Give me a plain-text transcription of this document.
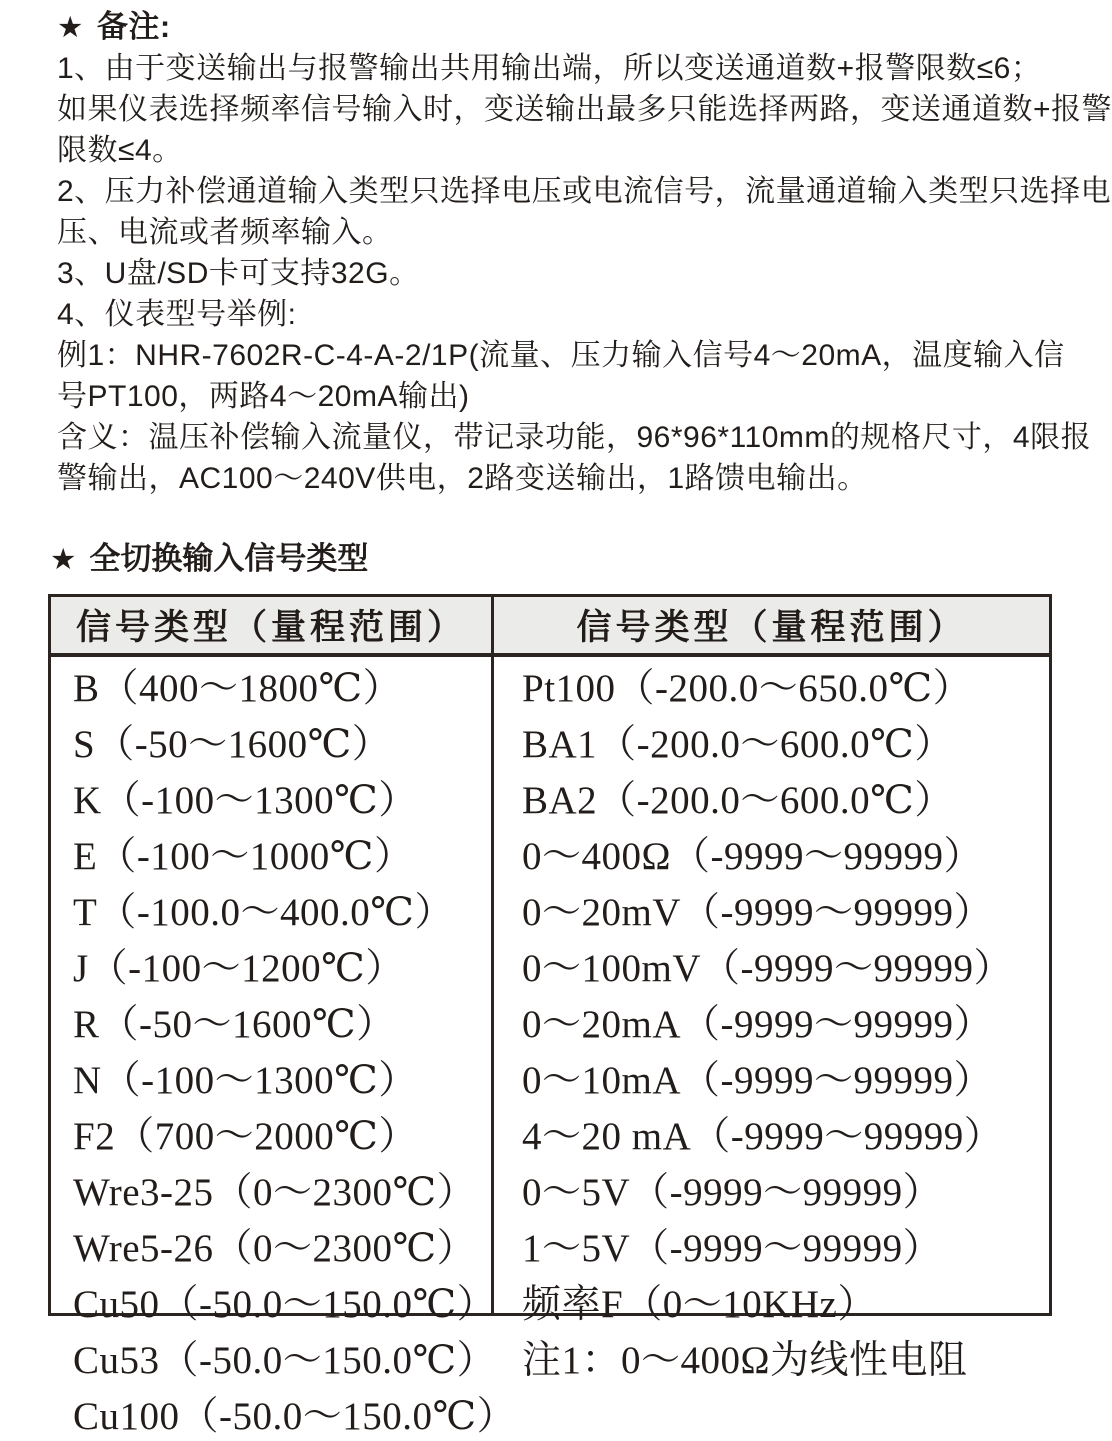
★ 备注:
1、由于变送输出与报警输出共用输出端，所以变送通道数+报警限数≤6；
如果仪表选择频率信号输入时，变送输出最多只能选择两路，变送通道数+报警
限数≤4。
2、压力补偿通道输入类型只选择电压或电流信号，流量通道输入类型只选择电
压、电流或者频率输入。
3、U盘/SD卡可支持32G。
4、仪表型号举例:
例1：NHR-7602R-C-4-A-2/1P(流量、压力输入信号4～20mA，温度输入信
号PT100，两路4～20mA输出)
含义：温压补偿输入流量仪，带记录功能，96*96*110mm的规格尺寸，4限报
警输出，AC100～240V供电，2路变送输出，1路馈电输出。
★ 全切换输入信号类型
信号类型（量程范围）	信号类型（量程范围）
B（400～1800℃）
S（-50～1600℃）
K（-100～1300℃）
E（-100～1000℃）
T（-100.0～400.0℃）
J（-100～1200℃）
R（-50～1600℃）
N（-100～1300℃）
F2（700～2000℃）
Wre3-25（0～2300℃）
Wre5-26（0～2300℃）
Cu50（-50.0～150.0℃）
Cu53（-50.0～150.0℃）
Cu100（-50.0～150.0℃）
Pt100（-200.0～650.0℃）
BA1（-200.0～600.0℃）
BA2（-200.0～600.0℃）
0～400Ω（-9999～99999）
0～20mV（-9999～99999）
0～100mV（-9999～99999）
0～20mA（-9999～99999）
0～10mA（-9999～99999）
4～20 mA（-9999～99999）
0～5V（-9999～99999）
1～5V（-9999～99999）
频率F（0～10KHz）
注1：0～400Ω为线性电阻
